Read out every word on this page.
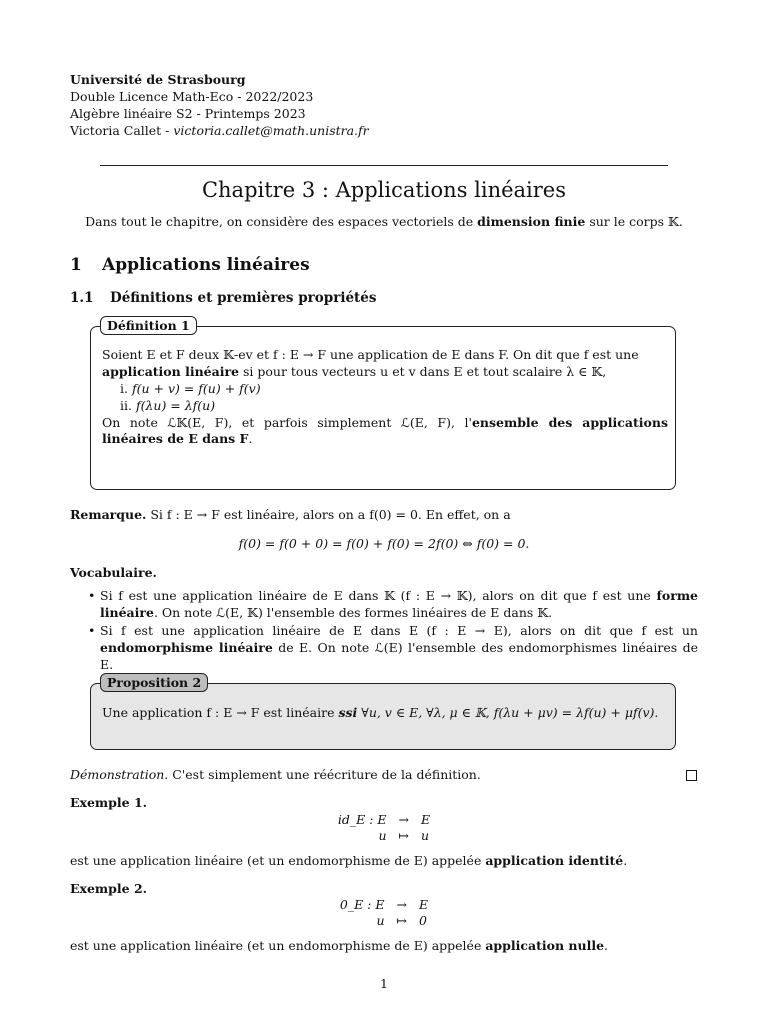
Université de Strasbourg
Double Licence Math-Eco - 2022/2023
Algèbre linéaire S2 - Printemps 2023
Victoria Callet - victoria.callet@math.unistra.fr
Chapitre 3 : Applications linéaires
Dans tout le chapitre, on considère des espaces vectoriels de dimension finie sur le corps 𝕂.
1 Applications linéaires
1.1 Définitions et premières propriétés
Définition 1

Soient E et F deux 𝕂-ev et f : E → F une application de E dans F. On dit que f est une

application linéaire si pour tous vecteurs u et v dans E et tout scalaire λ ∈ 𝕂,

i. f(u + v) = f(u) + f(v)

ii. f(λu) = λf(u)

On note ℒ𝕂(E, F), et parfois simplement ℒ(E, F), l'ensemble des applications linéaires de E dans F.

Remarque. Si f : E → F est linéaire, alors on a f(0) = 0. En effet, on a
f(0) = f(0 + 0) = f(0) + f(0) = 2f(0) ⇔ f(0) = 0.
Vocabulaire.

• Si f est une application linéaire de E dans 𝕂 (f : E → 𝕂), alors on dit que f est une forme linéaire. On note ℒ(E, 𝕂) l'ensemble des formes linéaires de E dans 𝕂.

• Si f est une application linéaire de E dans E (f : E → E), alors on dit que f est un endomorphisme linéaire de E. On note ℒ(E) l'ensemble des endomorphismes linéaires de E.

Proposition 2
Une application f : E → F est linéaire ssi ∀u, v ∈ E, ∀λ, μ ∈ 𝕂, f(λu + μv) = λf(u) + μf(v).
Démonstration. C'est simplement une réécriture de la définition.
Exemple 1.
id_E : E	→	E
u	↦	u
est une application linéaire (et un endomorphisme de E) appelée application identité.
Exemple 2.
0_E : E	→	E
u	↦	0
est une application linéaire (et un endomorphisme de E) appelée application nulle.
1
